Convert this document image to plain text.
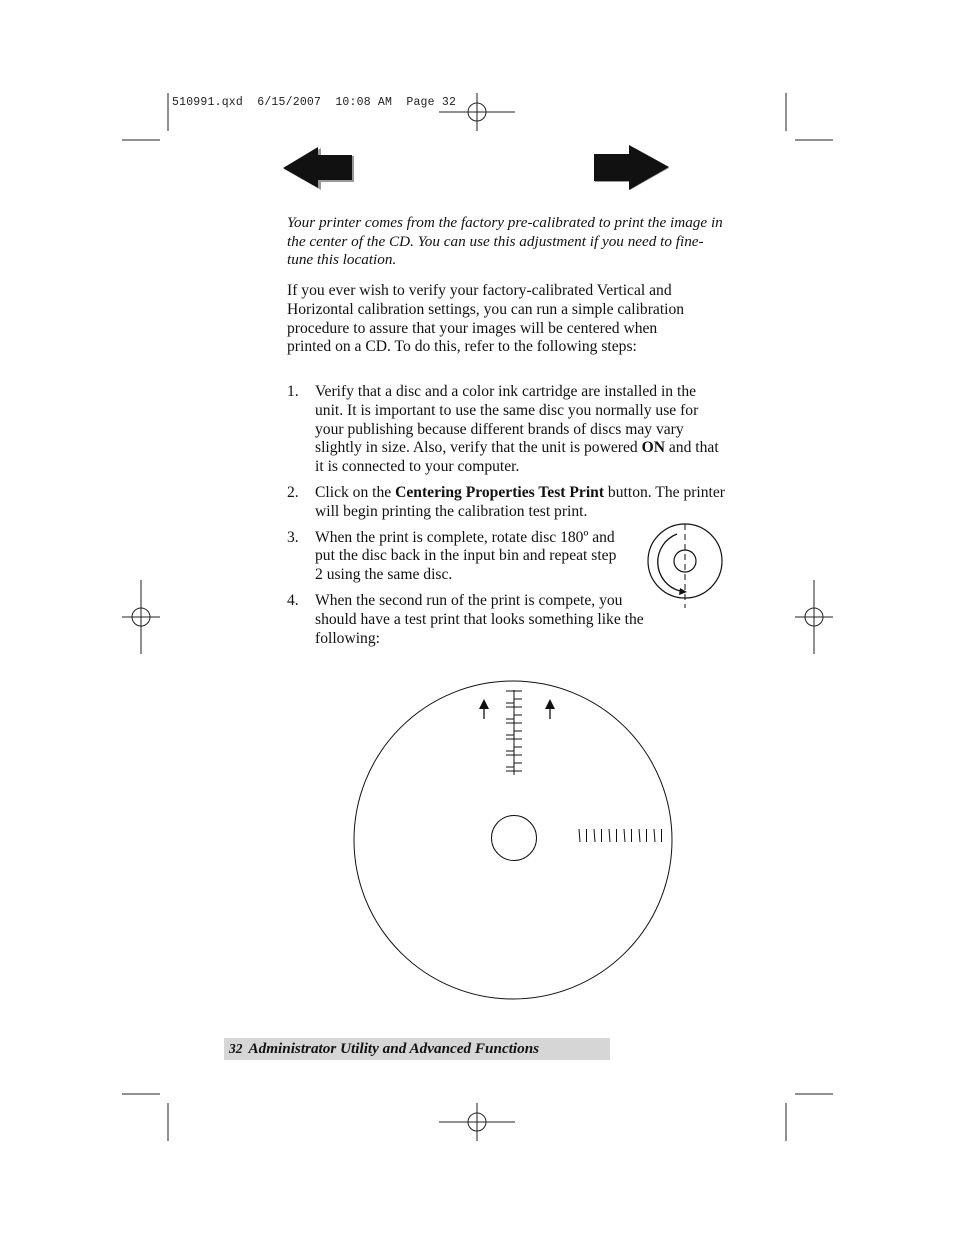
510991.qxd  6/15/2007  10:08 AM  Page 32
Your printer comes from the factory pre-calibrated to print the image in the center of the CD. You can use this adjustment if you need to fine-tune this location.
If you ever wish to verify your factory-calibrated Vertical and Horizontal calibration settings, you can run a simple calibration procedure to assure that your images will be centered when printed on a CD. To do this, refer to the following steps:
1. Verify that a disc and a color ink cartridge are installed in the unit. It is important to use the same disc you normally use for your publishing because different brands of discs may vary slightly in size. Also, verify that the unit is powered ON and that it is connected to your computer.
2. Click on the Centering Properties Test Print button. The printer will begin printing the calibration test print.
3. When the print is complete, rotate disc 180º and put the disc back in the input bin and repeat step 2 using the same disc.
4. When the second run of the print is compete, you should have a test print that looks something like the following:
32 Administrator Utility and Advanced Functions
